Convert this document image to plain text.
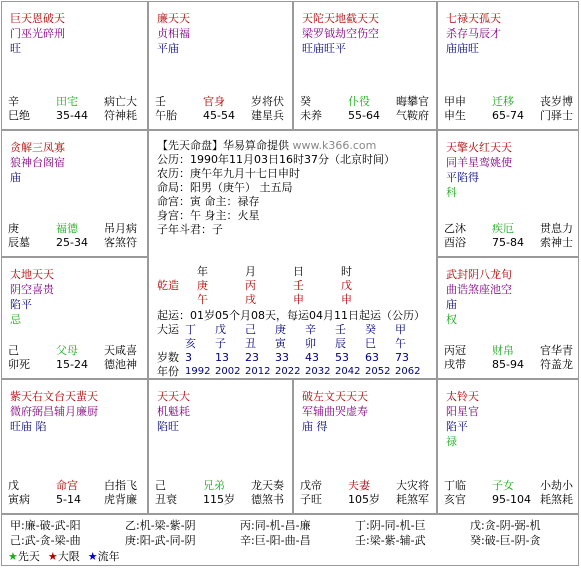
巨天恩破天
门巫光碎刑
旺
辛	田宅 病亡大
巳绝 35-44 符神耗
廉天天
贞相福
平庙
壬	官身 岁将伏
午胎 45-54 建星兵
天陀天地截天天
梁罗钺劫空伤空
旺庙旺平
癸	仆役 晦攀官
未养 55-64 气鞍府
七禄天孤天
杀存马辰才
庙庙旺
甲申 迁移 丧岁博
申生 65-74 门驿士
贪解三凤寡
狼神台阁宿
庙
庚	福德 吊月病
辰墓 25-34 客煞符
天擎火红天天
同羊星鸾姚使
平陷得
科
乙沐 疾厄 贯息力
酉浴 75-84 索神士
太地天天
阴空喜贵
陷平
忌
己	父母 天咸喜
卯死 15-24 德池神
武封阴八龙旬
曲诰煞座池空
庙
权
丙冠 财帛 官华青
戌带 85-94 符盖龙
紫天右文台天蜚天
微府弼昌辅月廉厨
旺庙 陷
戊	命宫 白指飞
寅病 5-14 虎背廉
天天大
机魁耗
陷旺
己	兄弟 龙天奏
丑衰 115岁 德煞书
破左文天天天
军辅曲哭虚寿
庙 得
戊帝 夫妻 大灾将
子旺 105岁 耗煞军
太铃天
阳星官
陷平
禄
丁临 子女 小劫小
亥官 95-104 耗煞耗
【先天命盘】华易算命提供 www.k366.com
公历：1990年11月03日16时37分（北京时间）
农历：庚午年九月十七日申时
命局：阳男（庚午） 土五局
命宫：寅 命主：禄存
身宫：午 身主：火星
子年斗君：子
年	月	日	时
乾造 庚	丙	壬	戊
午	戌	申	申
起运：01岁05个月08天，每运04月11日起运（公历）
大运 丁 戊 己 庚 辛 壬 癸 甲
亥 子 丑 寅 卯 辰 巳 午
岁数 3 13 23 33 43 53 63 73
年份 1992 2002 2012 2022 2032 2042 2052 2062
甲:廉-破-武-阳	乙:机-梁-紫-阴	丙:同-机-昌-廉	丁:阴-同-机-巨	戊:贪-阴-弼-机
己:武-贪-梁-曲	庚:阳-武-同-阴	辛:巨-阳-曲-昌	壬:梁-紫-辅-武	癸:破-巨-阴-贪
★先天 ★大限 ★流年
